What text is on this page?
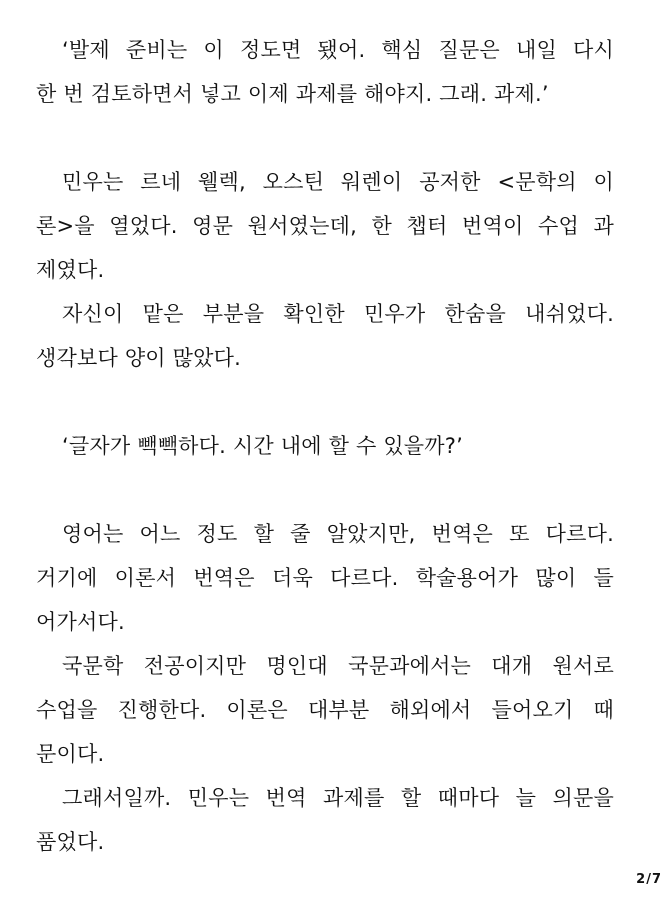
‘발제 준비는 이 정도면 됐어. 핵심 질문은 내일 다시
한 번 검토하면서 넣고 이제 과제를 해야지. 그래. 과제.’
민우는 르네 웰렉, 오스틴 워렌이 공저한 <문학의 이
론>을 열었다. 영문 원서였는데, 한 챕터 번역이 수업 과
제였다.
자신이 맡은 부분을 확인한 민우가 한숨을 내쉬었다.
생각보다 양이 많았다.
‘글자가 빽빽하다. 시간 내에 할 수 있을까?’
영어는 어느 정도 할 줄 알았지만, 번역은 또 다르다.
거기에 이론서 번역은 더욱 다르다. 학술용어가 많이 들
어가서다.
국문학 전공이지만 명인대 국문과에서는 대개 원서로
수업을 진행한다. 이론은 대부분 해외에서 들어오기 때
문이다.
그래서일까. 민우는 번역 과제를 할 때마다 늘 의문을
품었다.
2/7
